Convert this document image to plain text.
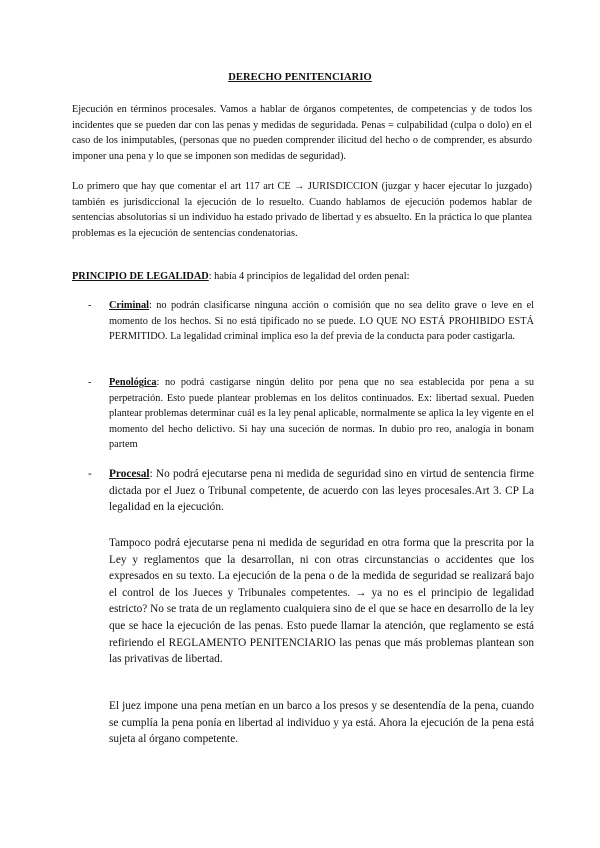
DERECHO PENITENCIARIO
Ejecución en términos procesales. Vamos a hablar de órganos competentes, de competencias y de todos los incidentes que se pueden dar con las penas y medidas de seguridada. Penas = culpabilidad (culpa o dolo) en el caso de los inimputables, (personas que no pueden comprender ilicitud del hecho o de comprender, es absurdo imponer una pena y lo que se imponen son medidas de seguridad).
Lo primero que hay que comentar el art 117 art CE → JURISDICCION (juzgar y hacer ejecutar lo juzgado) también es jurisdiccional la ejecución de lo resuelto. Cuando hablamos de ejecución podemos hablar de sentencias absolutorias si un individuo ha estado privado de libertad y es absuelto. En la práctica lo que plantea problemas es la ejecución de sentencias condenatorias.
PRINCIPIO DE LEGALIDAD: había 4 principios de legalidad del orden penal:
- Criminal: no podrán clasificarse ninguna acción o comisión que no sea delito grave o leve en el momento de los hechos. Si no está tipificado no se puede. LO QUE NO ESTÁ PROHIBIDO ESTÁ PERMITIDO. La legalidad criminal implica eso la def previa de la conducta para poder castigarla.
- Penológica: no podrá castigarse ningún delito por pena que no sea establecida por pena a su perpetración. Esto puede plantear problemas en los delitos continuados. Ex: libertad sexual. Pueden plantear problemas determinar cuál es la ley penal aplicable, normalmente se aplica la ley vigente en el momento del hecho delictivo. Si hay una suceción de normas. In dubio pro reo, analogía in bonam partem
- Procesal: No podrá ejecutarse pena ni medida de seguridad sino en virtud de sentencia firme dictada por el Juez o Tribunal competente, de acuerdo con las leyes procesales.Art 3. CP La legalidad en la ejecución.
Tampoco podrá ejecutarse pena ni medida de seguridad en otra forma que la prescrita por la Ley y reglamentos que la desarrollan, ni con otras circunstancias o accidentes que los expresados en su texto. La ejecución de la pena o de la medida de seguridad se realizará bajo el control de los Jueces y Tribunales competentes. → ya no es el principio de legalidad estricto? No se trata de un reglamento cualquiera sino de el que se hace en desarrollo de la ley que se hace la ejecución de las penas. Esto puede llamar la atención, que reglamento se está refiriendo el REGLAMENTO PENITENCIARIO las penas que más problemas plantean son las privativas de libertad.
El juez impone una pena metían en un barco a los presos y se desentendía de la pena, cuando se cumplía la pena ponía en libertad al individuo y ya está. Ahora la ejecución de la pena está sujeta al órgano competente.
